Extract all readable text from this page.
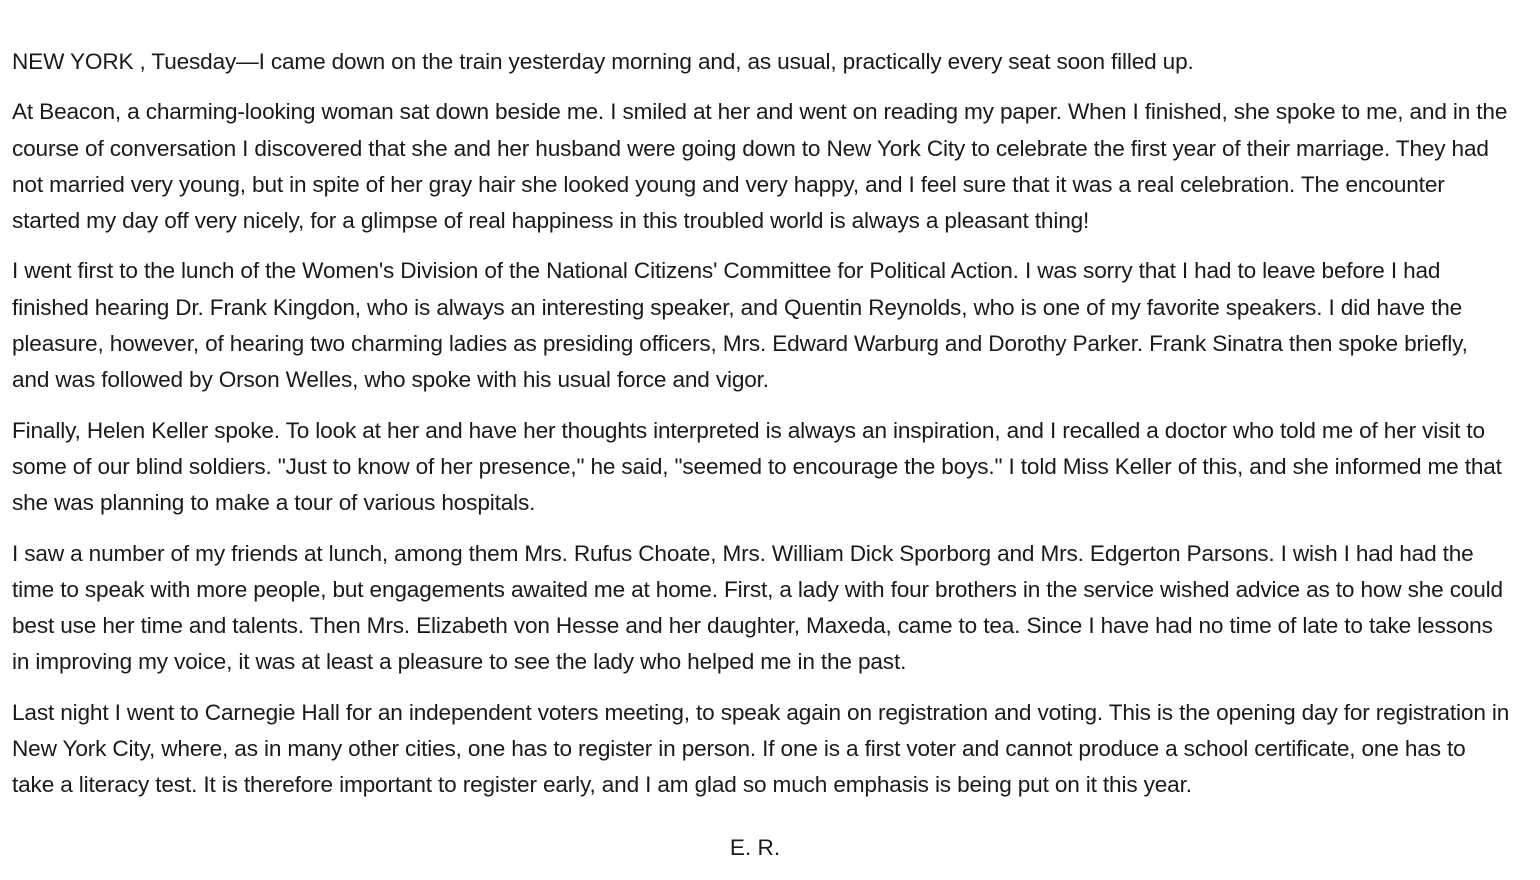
NEW YORK , Tuesday—I came down on the train yesterday morning and, as usual, practically every seat soon filled up.

At Beacon, a charming-looking woman sat down beside me. I smiled at her and went on reading my paper. When I finished, she spoke to me, and in the course of conversation I discovered that she and her husband were going down to New York City to celebrate the first year of their marriage. They had not married very young, but in spite of her gray hair she looked young and very happy, and I feel sure that it was a real celebration. The encounter started my day off very nicely, for a glimpse of real happiness in this troubled world is always a pleasant thing!

I went first to the lunch of the Women's Division of the National Citizens' Committee for Political Action. I was sorry that I had to leave before I had finished hearing Dr. Frank Kingdon, who is always an interesting speaker, and Quentin Reynolds, who is one of my favorite speakers. I did have the pleasure, however, of hearing two charming ladies as presiding officers, Mrs. Edward Warburg and Dorothy Parker. Frank Sinatra then spoke briefly, and was followed by Orson Welles, who spoke with his usual force and vigor.

Finally, Helen Keller spoke. To look at her and have her thoughts interpreted is always an inspiration, and I recalled a doctor who told me of her visit to some of our blind soldiers. "Just to know of her presence," he said, "seemed to encourage the boys." I told Miss Keller of this, and she informed me that she was planning to make a tour of various hospitals.

I saw a number of my friends at lunch, among them Mrs. Rufus Choate, Mrs. William Dick Sporborg and Mrs. Edgerton Parsons. I wish I had had the time to speak with more people, but engagements awaited me at home. First, a lady with four brothers in the service wished advice as to how she could best use her time and talents. Then Mrs. Elizabeth von Hesse and her daughter, Maxeda, came to tea. Since I have had no time of late to take lessons in improving my voice, it was at least a pleasure to see the lady who helped me in the past.

Last night I went to Carnegie Hall for an independent voters meeting, to speak again on registration and voting. This is the opening day for registration in New York City, where, as in many other cities, one has to register in person. If one is a first voter and cannot produce a school certificate, one has to take a literacy test. It is therefore important to register early, and I am glad so much emphasis is being put on it this year.

E. R.
